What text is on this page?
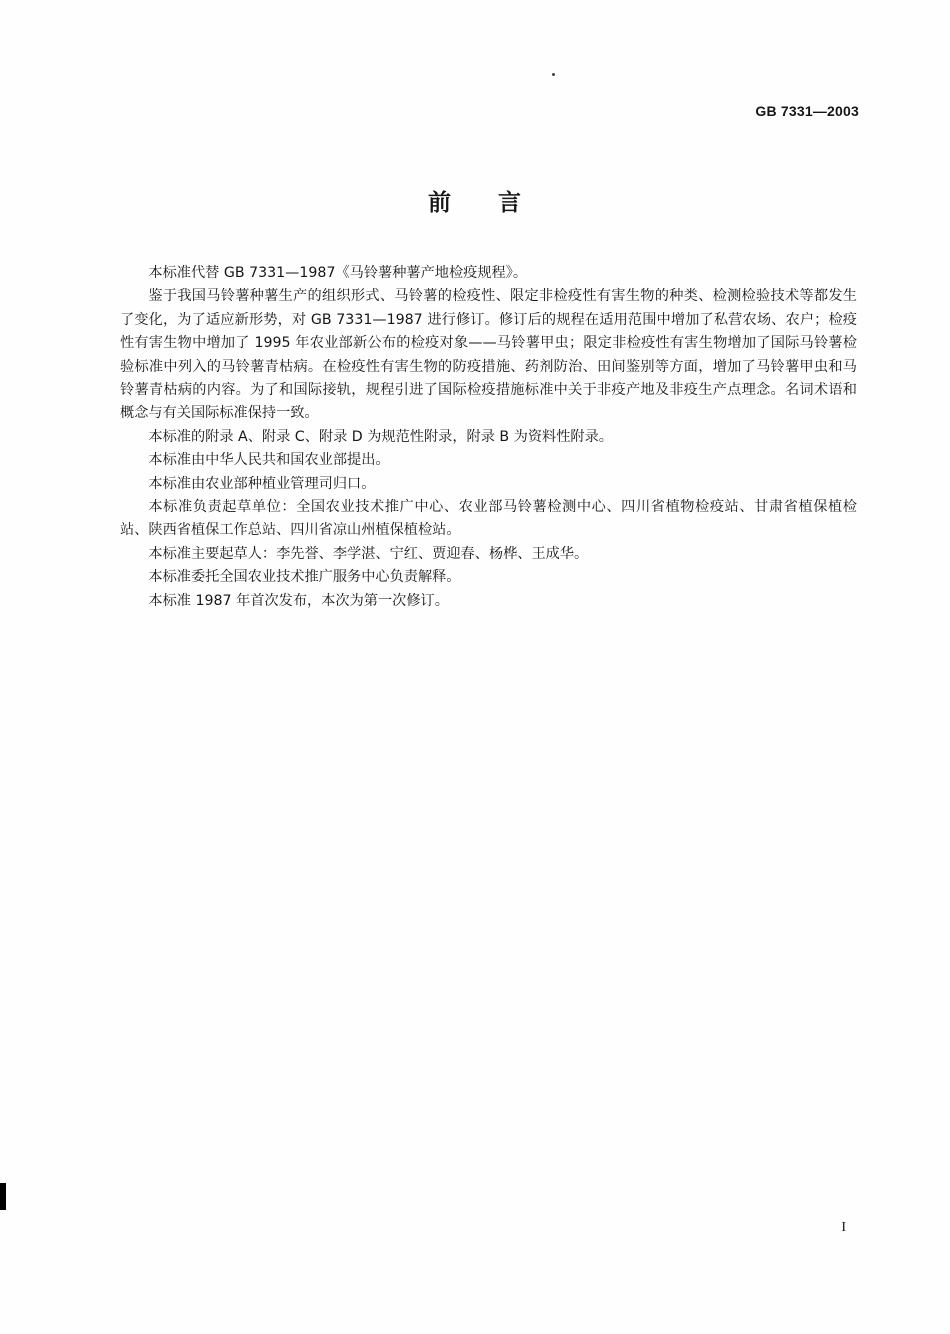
GB 7331—2003
前 言

本标准代替 GB 7331—1987《马铃薯种薯产地检疫规程》。

鉴于我国马铃薯种薯生产的组织形式、马铃薯的检疫性、限定非检疫性有害生物的种类、检测检验技术等都发生了变化，为了适应新形势，对 GB 7331—1987 进行修订。修订后的规程在适用范围中增加了私营农场、农户；检疫性有害生物中增加了 1995 年农业部新公布的检疫对象——马铃薯甲虫；限定非检疫性有害生物增加了国际马铃薯检验标准中列入的马铃薯青枯病。在检疫性有害生物的防疫措施、药剂防治、田间鉴别等方面，增加了马铃薯甲虫和马铃薯青枯病的内容。为了和国际接轨，规程引进了国际检疫措施标准中关于非疫产地及非疫生产点理念。名词术语和概念与有关国际标准保持一致。

本标准的附录 A、附录 C、附录 D 为规范性附录，附录 B 为资料性附录。

本标准由中华人民共和国农业部提出。

本标准由农业部种植业管理司归口。

本标准负责起草单位：全国农业技术推广中心、农业部马铃薯检测中心、四川省植物检疫站、甘肃省植保植检站、陕西省植保工作总站、四川省凉山州植保植检站。

本标准主要起草人：李先誉、李学湛、宁红、贾迎春、杨桦、王成华。

本标准委托全国农业技术推广服务中心负责解释。

本标准 1987 年首次发布，本次为第一次修订。

I
